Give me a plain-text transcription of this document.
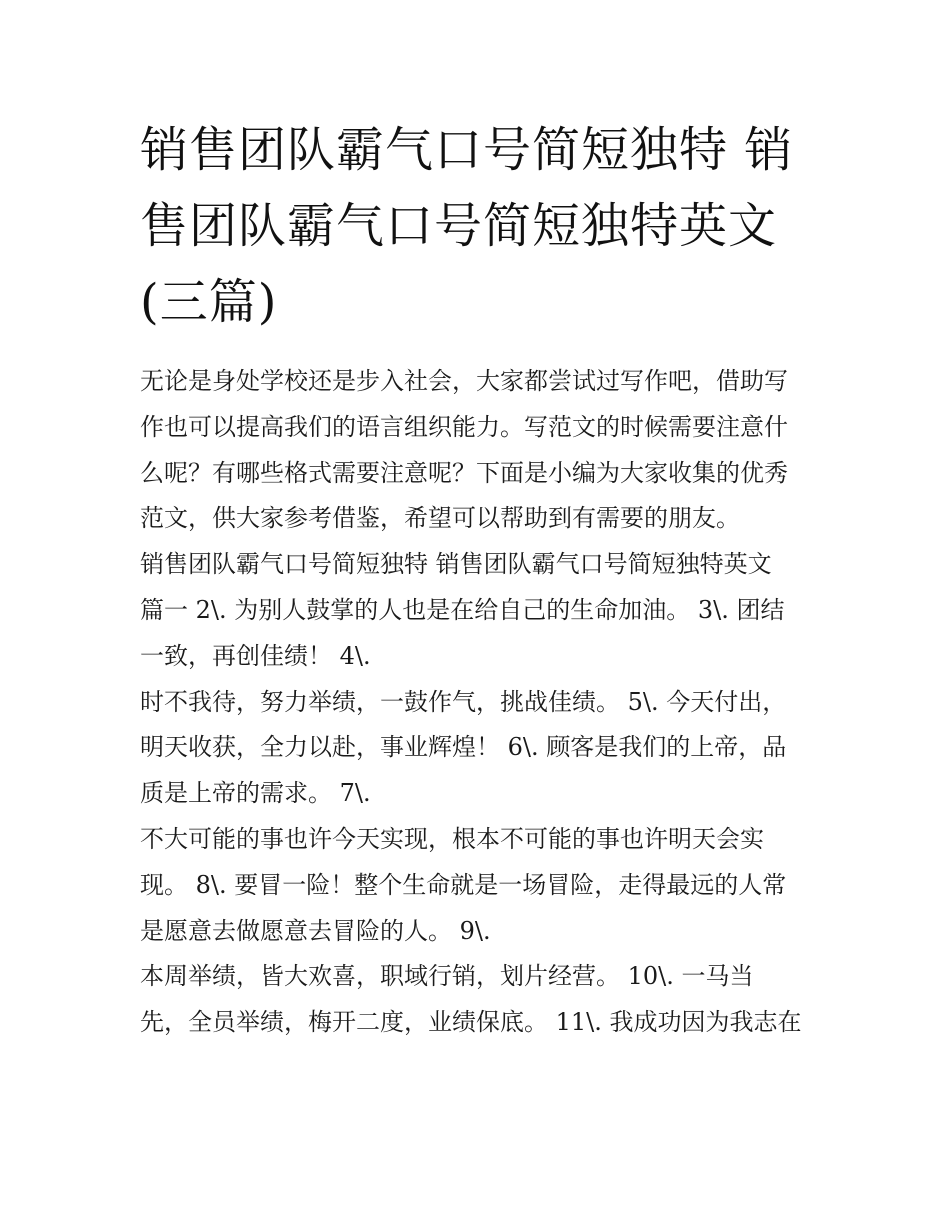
销售团队霸气口号简短独特 销
售团队霸气口号简短独特英文
(三篇)
无论是身处学校还是步入社会，大家都尝试过写作吧，借助写
作也可以提高我们的语言组织能力。写范文的时候需要注意什
么呢？有哪些格式需要注意呢？下面是小编为大家收集的优秀
范文，供大家参考借鉴，希望可以帮助到有需要的朋友。
销售团队霸气口号简短独特 销售团队霸气口号简短独特英文
篇一 2\. 为别人鼓掌的人也是在给自己的生命加油。 3\. 团结
一致，再创佳绩！ 4\.
时不我待，努力举绩，一鼓作气，挑战佳绩。 5\. 今天付出，
明天收获，全力以赴，事业辉煌！ 6\. 顾客是我们的上帝，品
质是上帝的需求。 7\.
不大可能的事也许今天实现，根本不可能的事也许明天会实
现。 8\. 要冒一险！整个生命就是一场冒险，走得最远的人常
是愿意去做愿意去冒险的人。 9\.
本周举绩，皆大欢喜，职域行销，划片经营。 10\. 一马当
先，全员举绩，梅开二度，业绩保底。 11\. 我成功因为我志在
